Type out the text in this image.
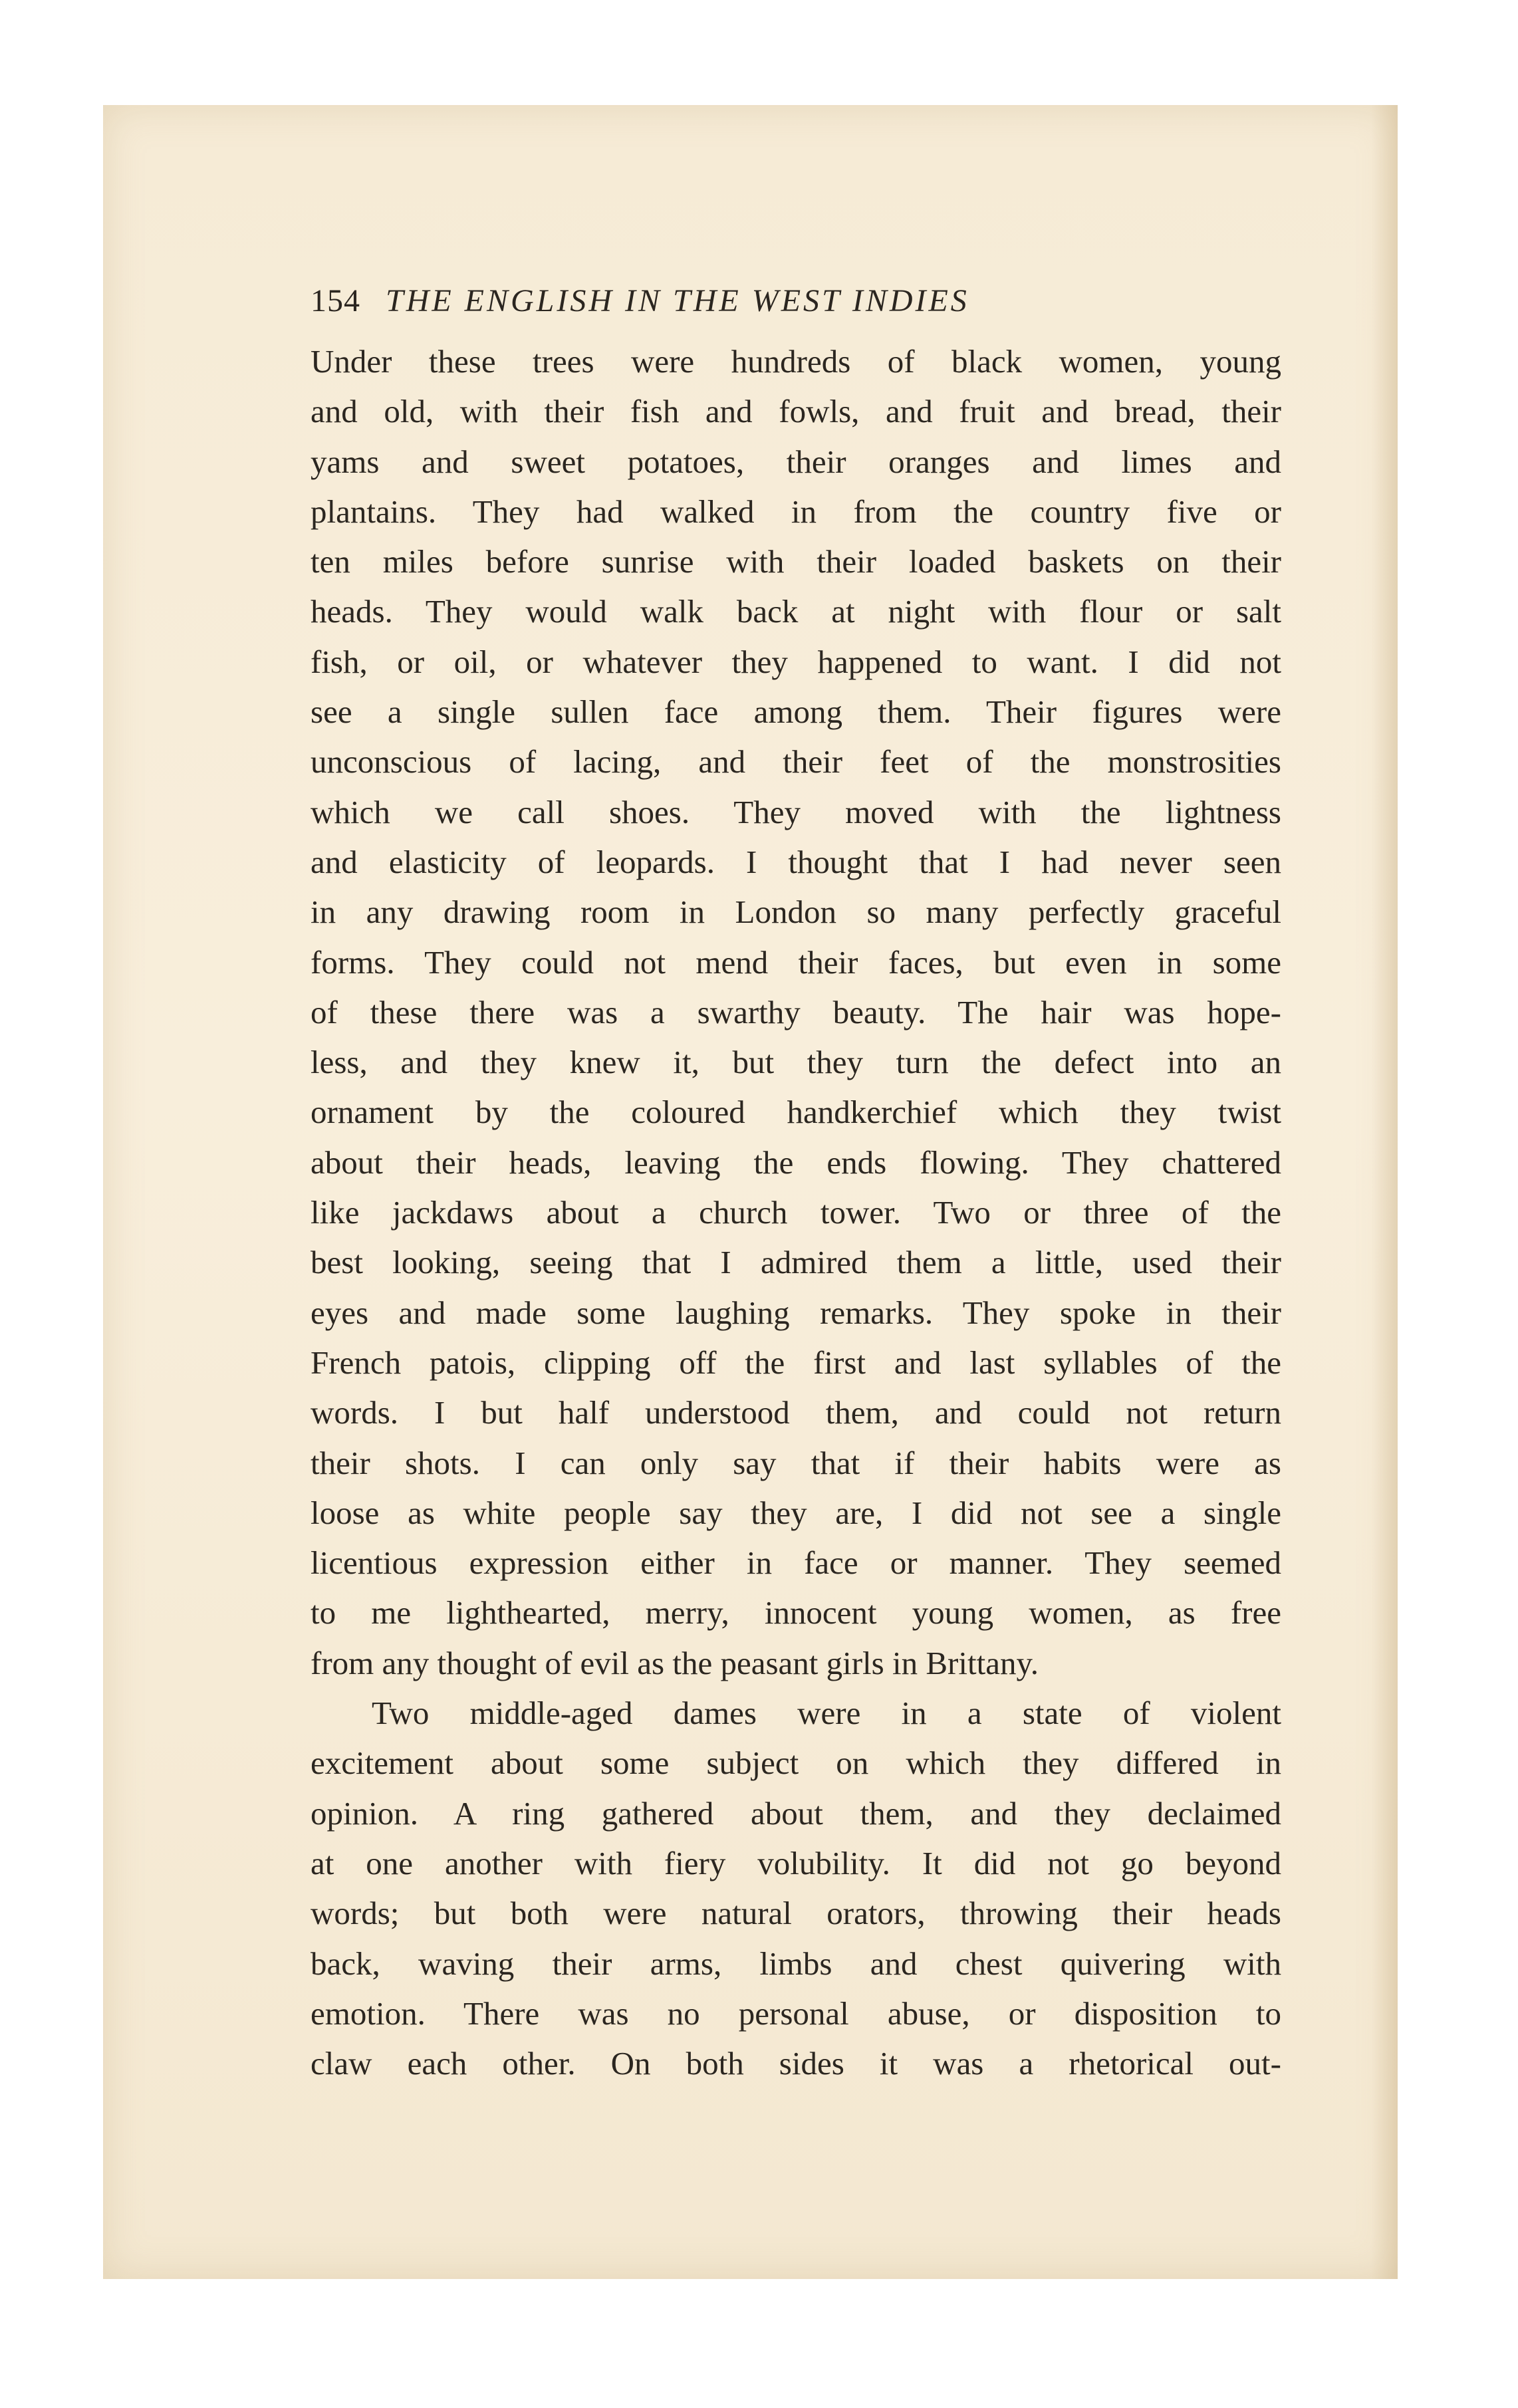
154 THE ENGLISH IN THE WEST INDIES
Under these trees were hundreds of black women, young
and old, with their fish and fowls, and fruit and bread, their
yams and sweet potatoes, their oranges and limes and
plantains. They had walked in from the country five or
ten miles before sunrise with their loaded baskets on their
heads. They would walk back at night with flour or salt
fish, or oil, or whatever they happened to want. I did not
see a single sullen face among them. Their figures were
unconscious of lacing, and their feet of the monstrosities
which we call shoes. They moved with the lightness
and elasticity of leopards. I thought that I had never seen
in any drawing room in London so many perfectly graceful
forms. They could not mend their faces, but even in some
of these there was a swarthy beauty. The hair was hope-
less, and they knew it, but they turn the defect into an
ornament by the coloured handkerchief which they twist
about their heads, leaving the ends flowing. They chattered
like jackdaws about a church tower. Two or three of the
best looking, seeing that I admired them a little, used their
eyes and made some laughing remarks. They spoke in their
French patois, clipping off the first and last syllables of the
words. I but half understood them, and could not return
their shots. I can only say that if their habits were as
loose as white people say they are, I did not see a single
licentious expression either in face or manner. They seemed
to me lighthearted, merry, innocent young women, as free
from any thought of evil as the peasant girls in Brittany.
Two middle-aged dames were in a state of violent
excitement about some subject on which they differed in
opinion. A ring gathered about them, and they declaimed
at one another with fiery volubility. It did not go beyond
words; but both were natural orators, throwing their heads
back, waving their arms, limbs and chest quivering with
emotion. There was no personal abuse, or disposition to
claw each other. On both sides it was a rhetorical out-
